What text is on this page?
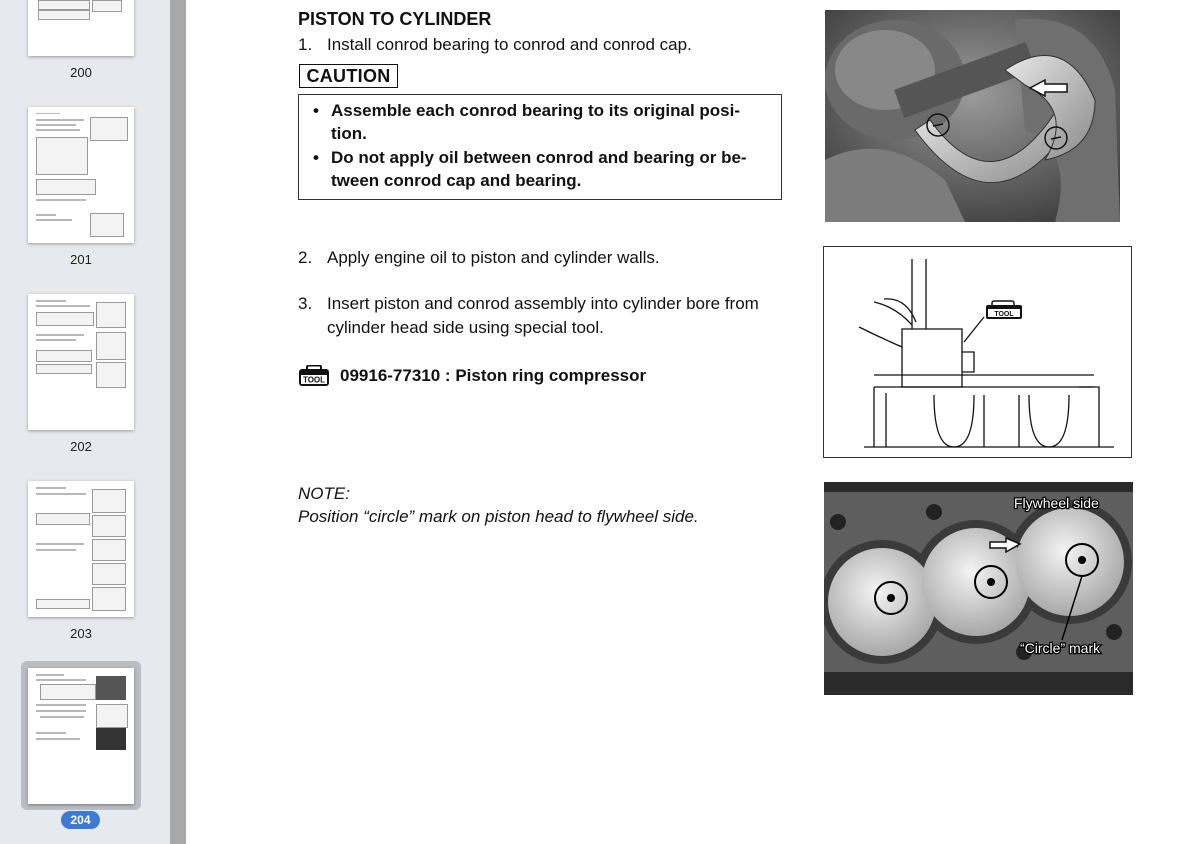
200
201
202
203
204
PISTON TO CYLINDER
1. Install conrod bearing to conrod and conrod cap.
CAUTION
• Assemble each conrod bearing to its original posi-
tion.
• Do not apply oil between conrod and bearing or be-
tween conrod cap and bearing.
2. Apply engine oil to piston and cylinder walls.
3. Insert piston and conrod assembly into cylinder bore from
cylinder head side using special tool.
TOOL 09916-77310 : Piston ring compressor
NOTE:
Position “circle” mark on piston head to flywheel side.
TOOL
Flywheel side
“Circle” mark
